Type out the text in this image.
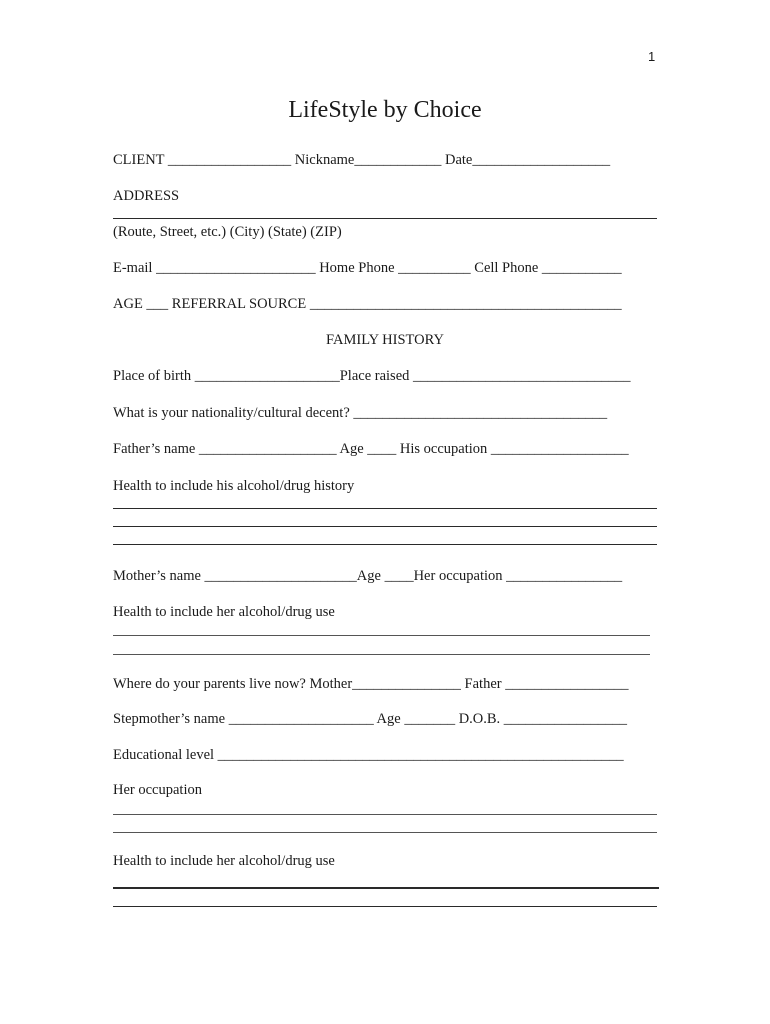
1
LifeStyle by Choice
CLIENT _________________ Nickname____________ Date___________________
ADDRESS
(Route, Street, etc.) (City) (State) (ZIP)
E-mail ______________________ Home Phone __________ Cell Phone ___________
AGE ___ REFERRAL SOURCE ___________________________________________
FAMILY HISTORY
Place of birth ____________________Place raised ______________________________
What is your nationality/cultural decent? ___________________________________
Father’s name ___________________ Age ____ His occupation ___________________
Health to include his alcohol/drug history
Mother’s name _____________________Age ____Her occupation ________________
Health to include her alcohol/drug use
Where do your parents live now? Mother_______________ Father _________________
Stepmother’s name ____________________ Age _______ D.O.B. _________________
Educational level ________________________________________________________
Her occupation
Health to include her alcohol/drug use
